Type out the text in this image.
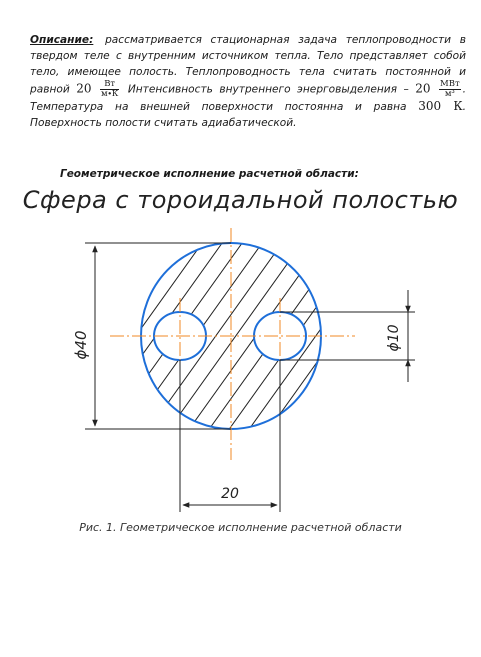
Описание: рассматривается стационарная задача теплопроводности в твердом теле с внутренним источником тепла. Тело представляет собой тело, имеющее полость. Теплопроводность тела считать постоянной и равной $20 \frac{Вт}{м\cdot К}$ Интенсивность внутреннего энерговыделения – $20 \frac{\text{МВт}}{\text{м³}}$ . Температура на внешней поверхности постоянна и равна 300 К. Поверхность полости считать адиабатической.
Геометрическое исполнение расчетной области:
Сфера с тороидальной полостью
ϕ40	ϕ10
20
Рис. 1. Геометрическое исполнение расчетной области
